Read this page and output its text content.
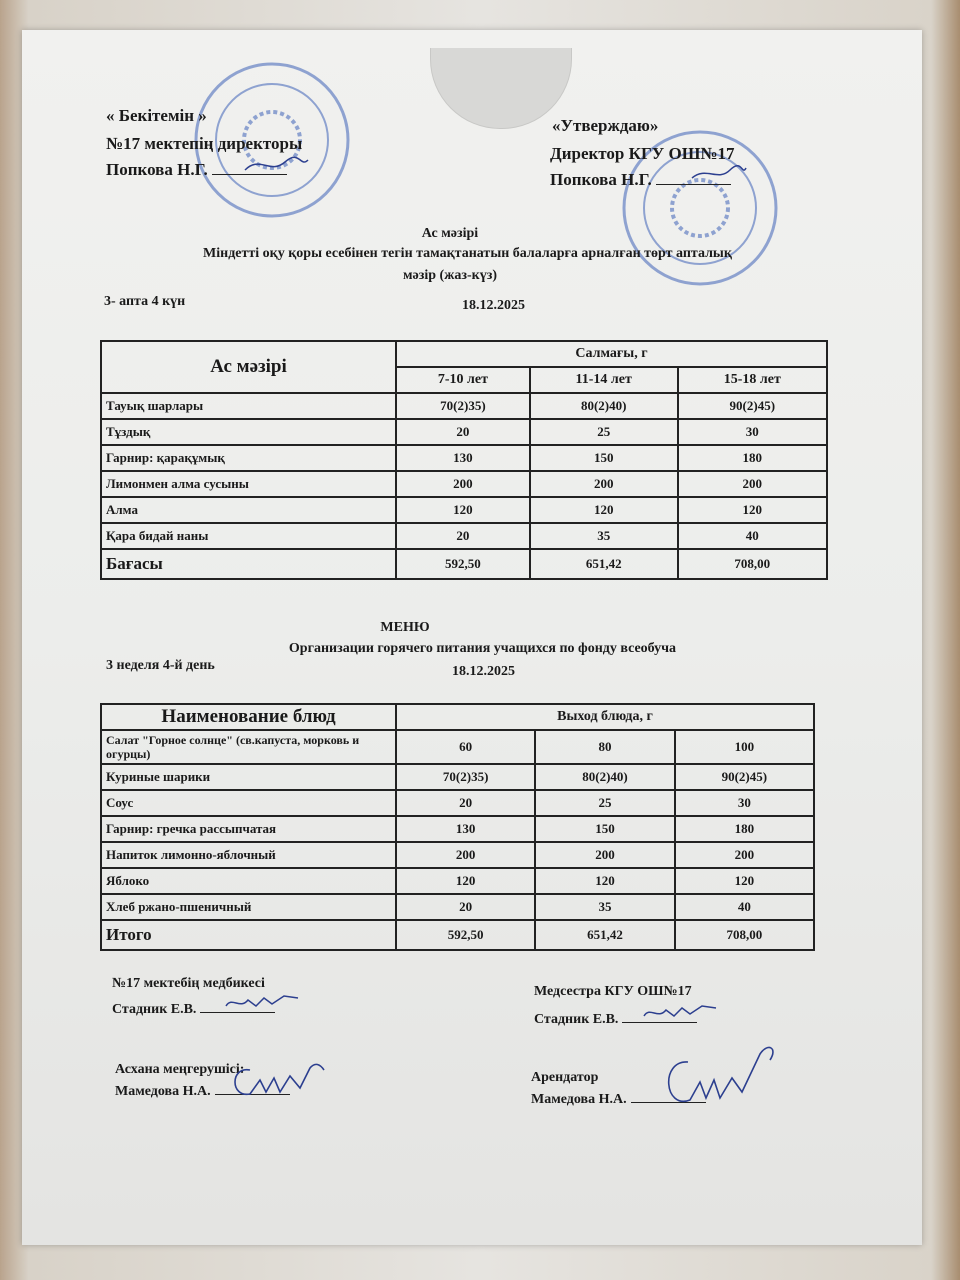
« Бекітемін »
№17 мектепің директоры
Попкова Н.Г.
«Утверждаю»
Директор КГУ ОШ№17
Попкова Н.Г.
Ас мәзірі
Міндетті оқу қоры есебінен тегін тамақтанатын балаларға арналған төрт апталық
мәзір (жаз-күз)
3- апта 4 күн	18.12.2025
Ас мәзірі	Салмағы, г		
	7-10 лет	11-14 лет	15-18 лет
Тауық шарлары	70(2)35)	80(2)40)	90(2)45)
Тұздық	20	25	30
Гарнир: қарақұмық	130	150	180
Лимонмен алма сусыны	200	200	200
Алма	120	120	120
Қара бидай наны	20	35	40
Бағасы	592,50	651,42	708,00
МЕНЮ
Организации горячего питания учащихся по фонду всеобуча
3 неделя 4-й день	18.12.2025
Наименование блюд	Выход блюда, г		
Салат "Горное солнце" (св.капуста, морковь и огурцы)	60	80	100
Куриные шарики	70(2)35)	80(2)40)	90(2)45)
Соус	20	25	30
Гарнир: гречка рассыпчатая	130	150	180
Напиток лимонно-яблочный	200	200	200
Яблоко	120	120	120
Хлеб ржано-пшеничный	20	35	40
Итого	592,50	651,42	708,00
№17 мектебің медбикесі
Стадник Е.В.
Медсестра КГУ ОШ№17
Стадник Е.В.
Асхана меңгерушісі:
Мамедова Н.А.
Арендатор
Мамедова Н.А.
